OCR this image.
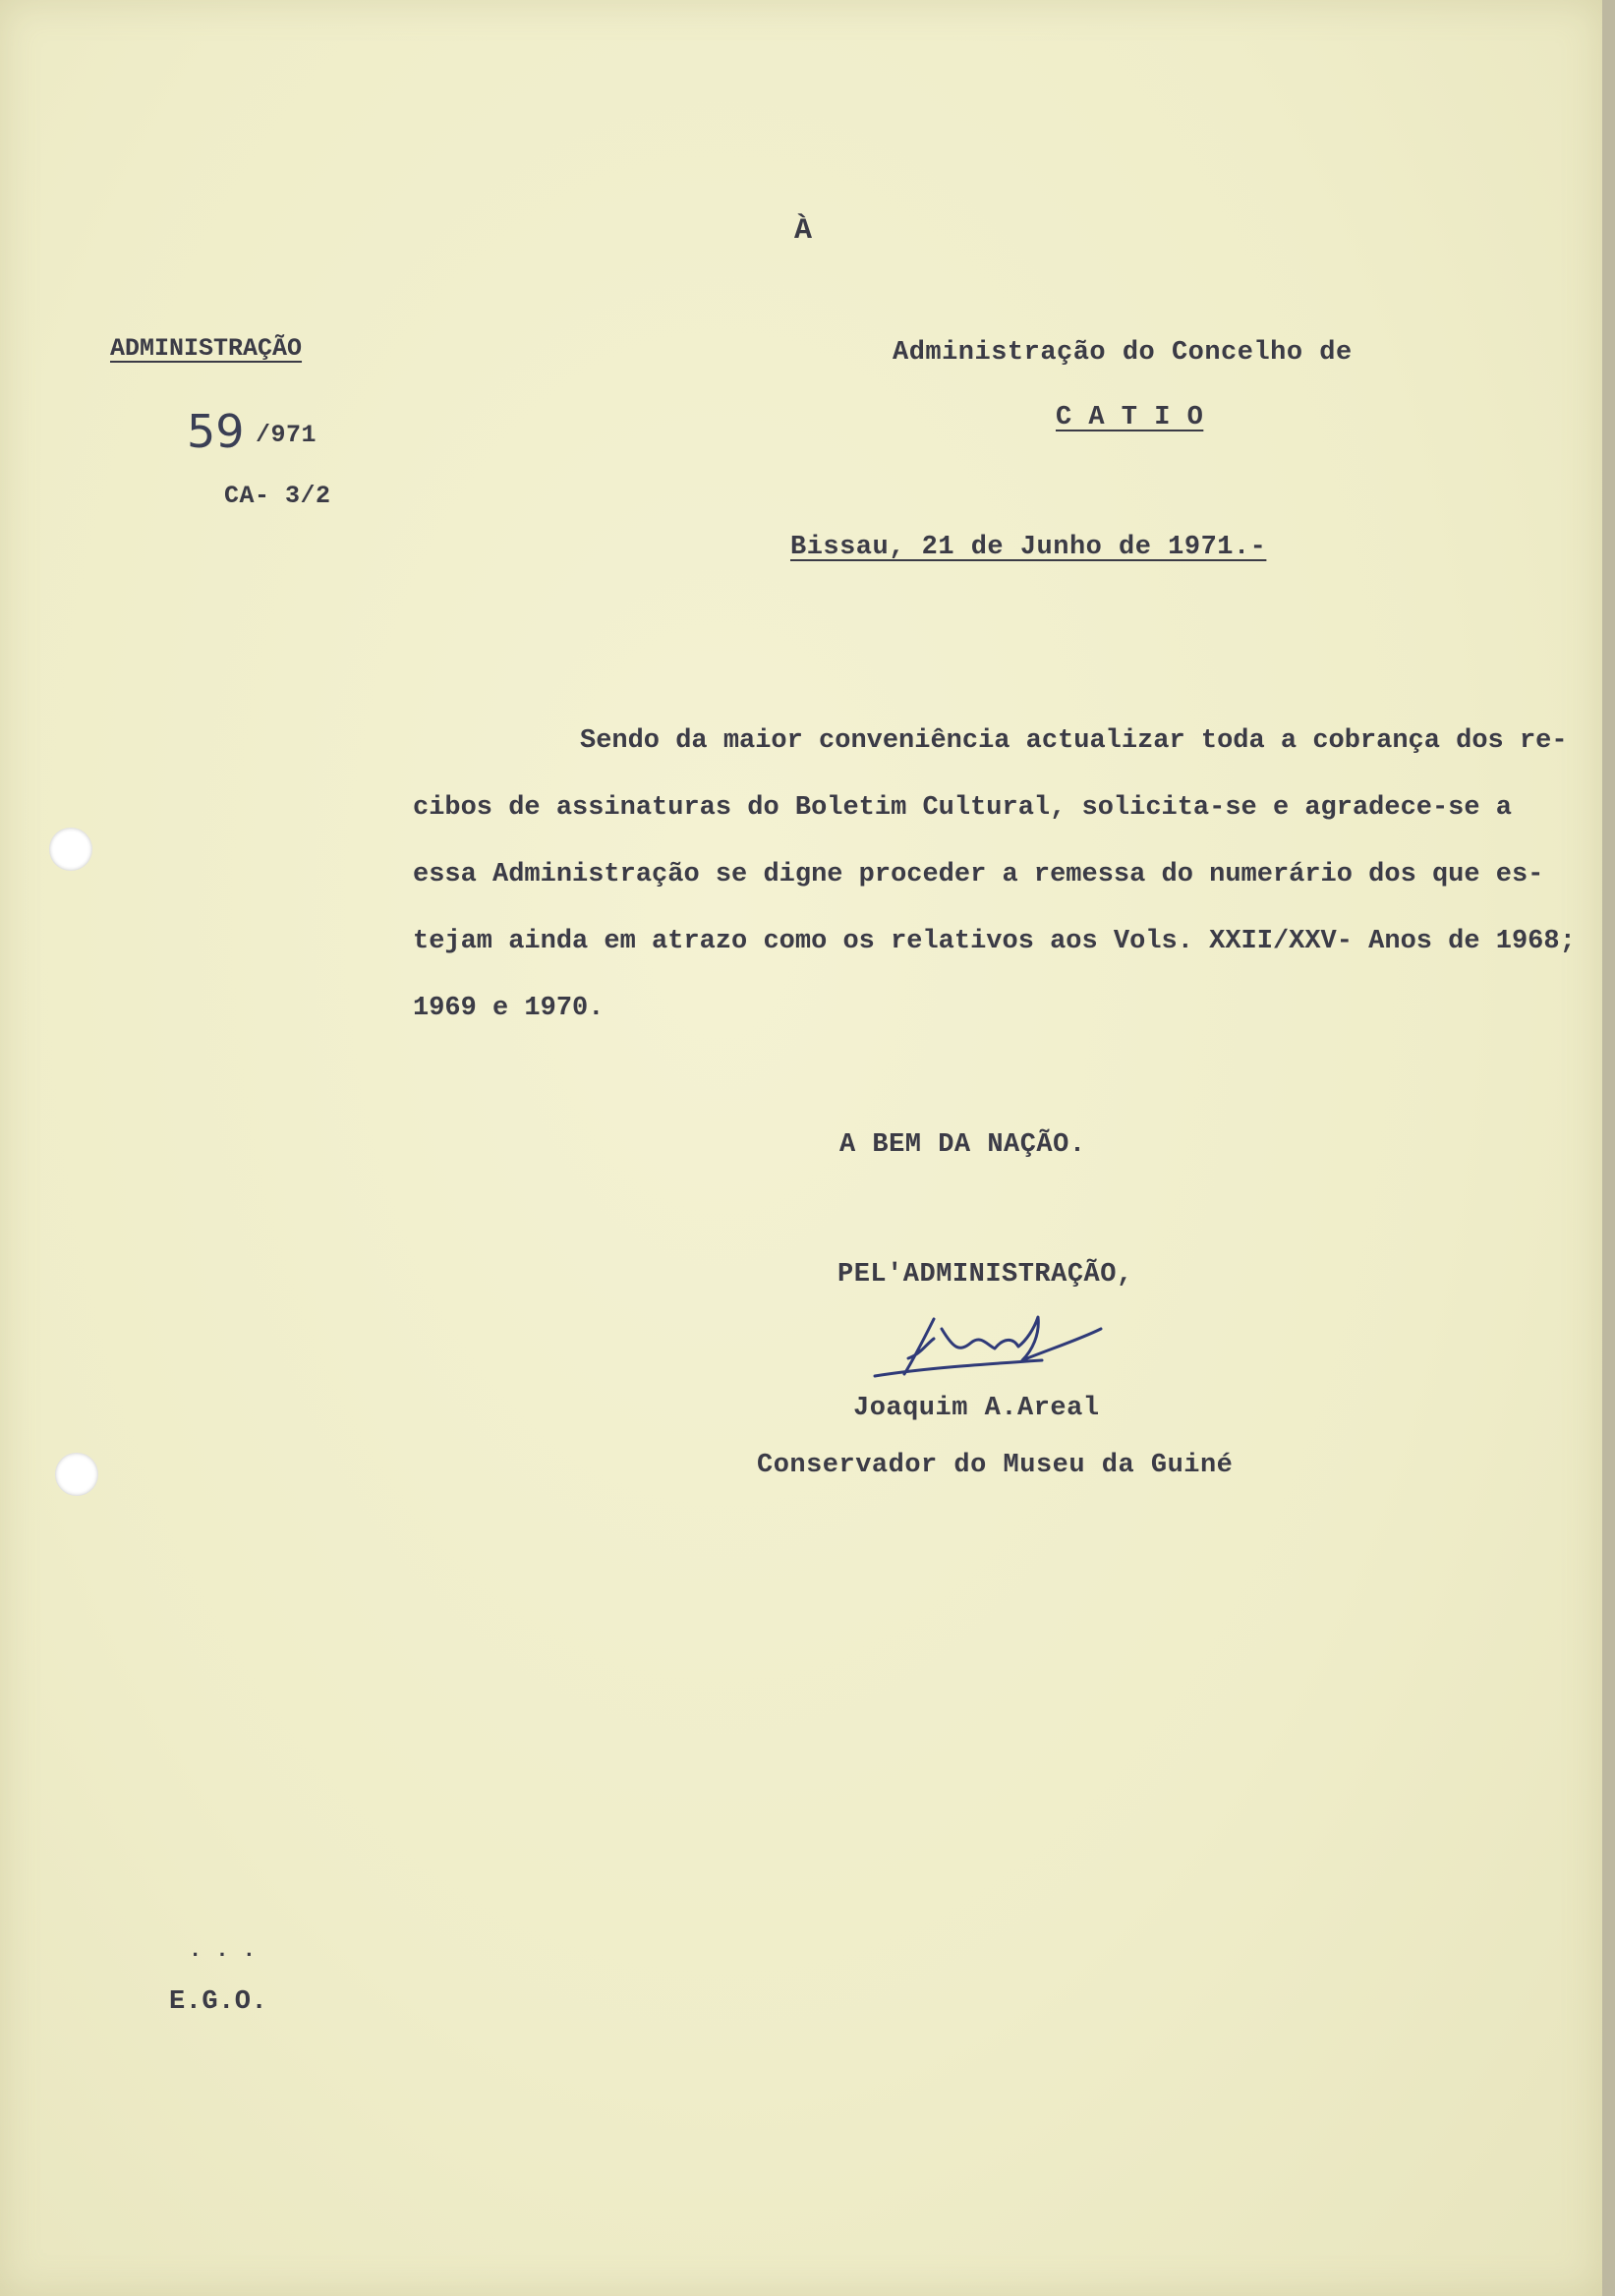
À
ADMINISTRAÇÃO
59 /971
CA- 3/2
Administração do Concelho de
C A T I O
Bissau, 21 de Junho de 1971.-
Sendo da maior conveniência actualizar toda a cobrança dos re-
cibos de assinaturas do Boletim Cultural, solicita-se e agradece-se a
essa Administração se digne proceder a remessa do numerário dos que es-
tejam ainda em atrazo como os relativos aos Vols. XXII/XXV- Anos de 1968;
1969 e 1970.
A BEM DA NAÇÃO.
PEL'ADMINISTRAÇÃO,
Joaquim A.Areal
Conservador do Museu da Guiné
. . .
E.G.O.
